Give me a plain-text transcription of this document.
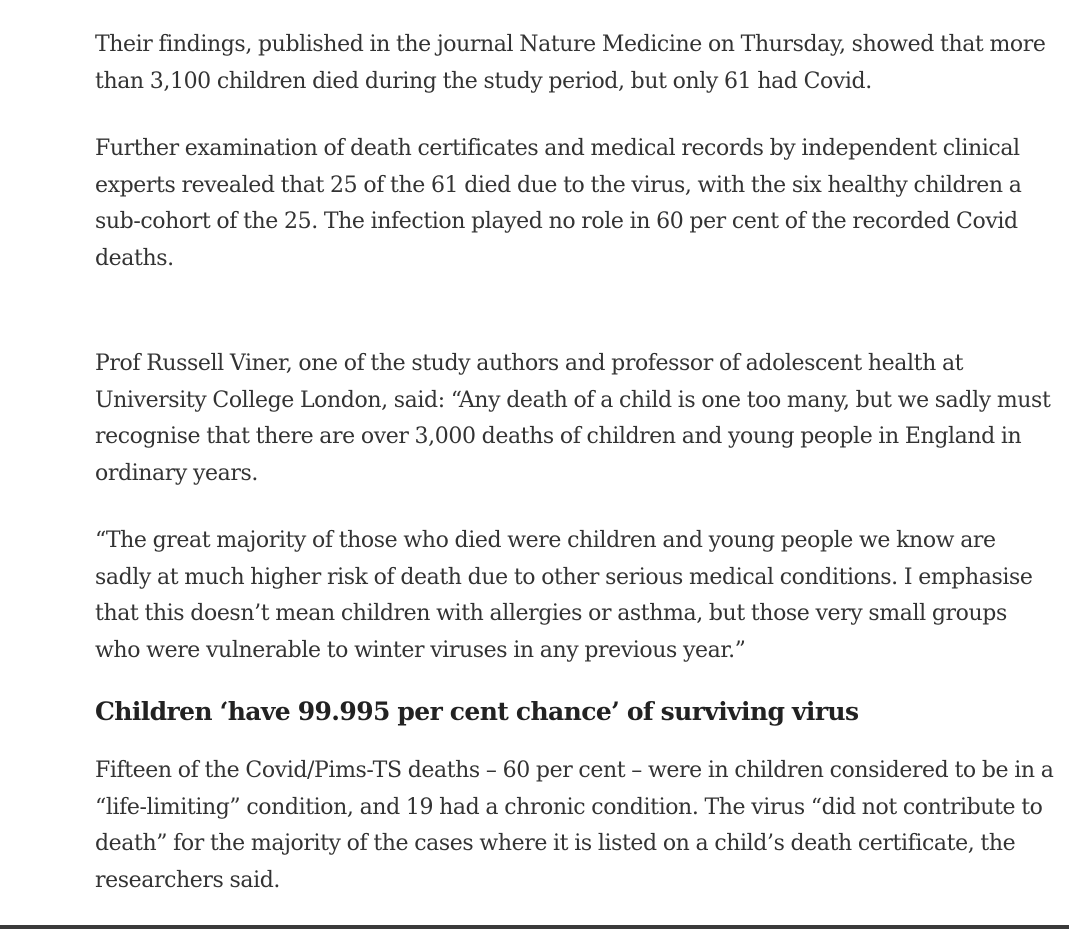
Their findings, published in the journal Nature Medicine on Thursday, showed that more than 3,100 children died during the study period, but only 61 had Covid.

Further examination of death certificates and medical records by independent clinical experts revealed that 25 of the 61 died due to the virus, with the six healthy children a sub-cohort of the 25. The infection played no role in 60 per cent of the recorded Covid deaths.

Prof Russell Viner, one of the study authors and professor of adolescent health at University College London, said: “Any death of a child is one too many, but we sadly must recognise that there are over 3,000 deaths of children and young people in England in ordinary years.

“The great majority of those who died were children and young people we know are sadly at much higher risk of death due to other serious medical conditions. I emphasise that this doesn’t mean children with allergies or asthma, but those very small groups who were vulnerable to winter viruses in any previous year.”

Children ‘have 99.995 per cent chance’ of surviving virus

Fifteen of the Covid/Pims-TS deaths – 60 per cent – were in children considered to be in a “life-limiting” condition, and 19 had a chronic condition. The virus “did not contribute to death” for the majority of the cases where it is listed on a child’s death certificate, the researchers said.
